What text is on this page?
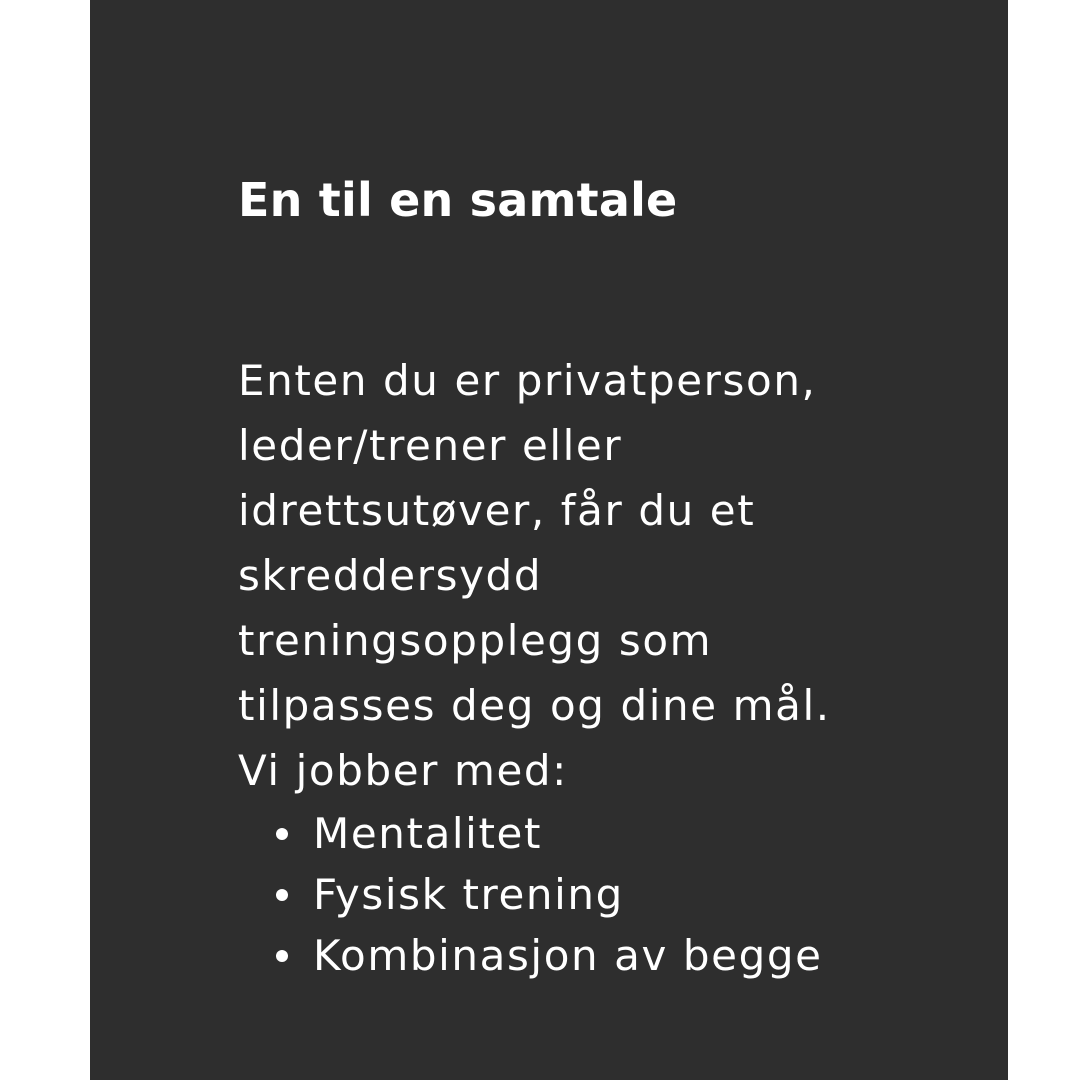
En til en samtale
Enten du er privatperson,
leder/trener eller
idrettsutøver, får du et
skreddersydd
treningsopplegg som
tilpasses deg og dine mål.
Vi jobber med:
Mentalitet
Fysisk trening
Kombinasjon av begge
